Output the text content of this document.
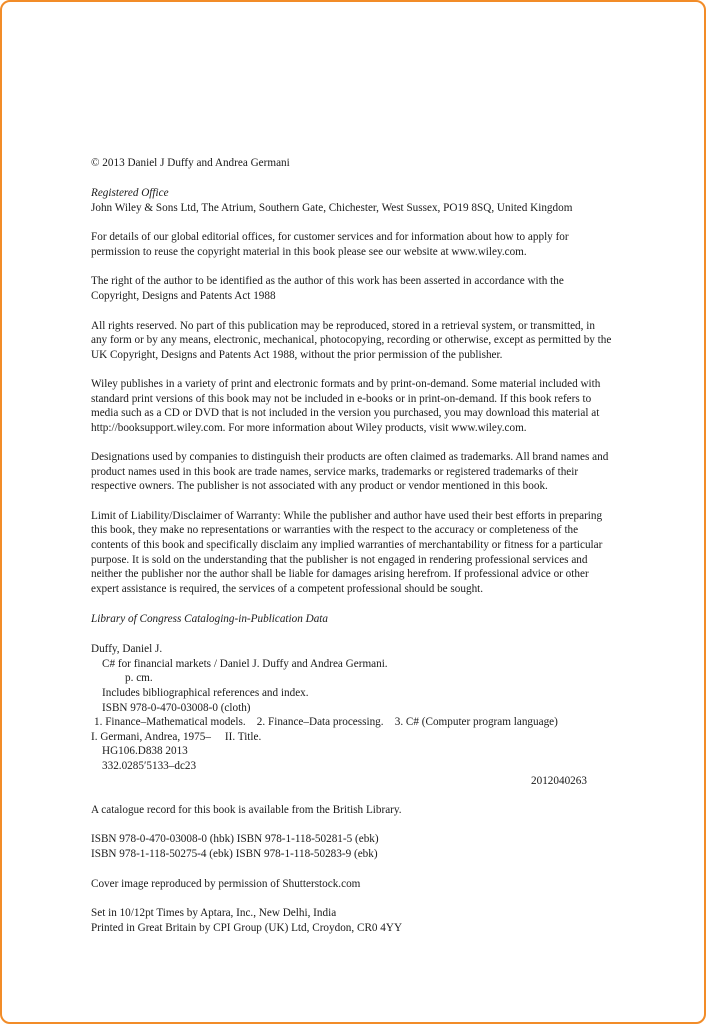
© 2013 Daniel J Duffy and Andrea Germani
Registered Office
John Wiley & Sons Ltd, The Atrium, Southern Gate, Chichester, West Sussex, PO19 8SQ, United Kingdom
For details of our global editorial offices, for customer services and for information about how to apply for
permission to reuse the copyright material in this book please see our website at www.wiley.com.
The right of the author to be identified as the author of this work has been asserted in accordance with the
Copyright, Designs and Patents Act 1988
All rights reserved. No part of this publication may be reproduced, stored in a retrieval system, or transmitted, in
any form or by any means, electronic, mechanical, photocopying, recording or otherwise, except as permitted by the
UK Copyright, Designs and Patents Act 1988, without the prior permission of the publisher.
Wiley publishes in a variety of print and electronic formats and by print-on-demand. Some material included with
standard print versions of this book may not be included in e-books or in print-on-demand. If this book refers to
media such as a CD or DVD that is not included in the version you purchased, you may download this material at
http://booksupport.wiley.com. For more information about Wiley products, visit www.wiley.com.
Designations used by companies to distinguish their products are often claimed as trademarks. All brand names and
product names used in this book are trade names, service marks, trademarks or registered trademarks of their
respective owners. The publisher is not associated with any product or vendor mentioned in this book.
Limit of Liability/Disclaimer of Warranty: While the publisher and author have used their best efforts in preparing
this book, they make no representations or warranties with the respect to the accuracy or completeness of the
contents of this book and specifically disclaim any implied warranties of merchantability or fitness for a particular
purpose. It is sold on the understanding that the publisher is not engaged in rendering professional services and
neither the publisher nor the author shall be liable for damages arising herefrom. If professional advice or other
expert assistance is required, the services of a competent professional should be sought.
Library of Congress Cataloging-in-Publication Data
Duffy, Daniel J.
C# for financial markets / Daniel J. Duffy and Andrea Germani.
p. cm.
Includes bibliographical references and index.
ISBN 978-0-470-03008-0 (cloth)
1. Finance–Mathematical models.    2. Finance–Data processing.    3. C# (Computer program language)
I. Germani, Andrea, 1975–     II. Title.
HG106.D838 2013
332.0285′5133–dc23
2012040263
A catalogue record for this book is available from the British Library.
ISBN 978-0-470-03008-0 (hbk) ISBN 978-1-118-50281-5 (ebk)
ISBN 978-1-118-50275-4 (ebk) ISBN 978-1-118-50283-9 (ebk)
Cover image reproduced by permission of Shutterstock.com
Set in 10/12pt Times by Aptara, Inc., New Delhi, India
Printed in Great Britain by CPI Group (UK) Ltd, Croydon, CR0 4YY
